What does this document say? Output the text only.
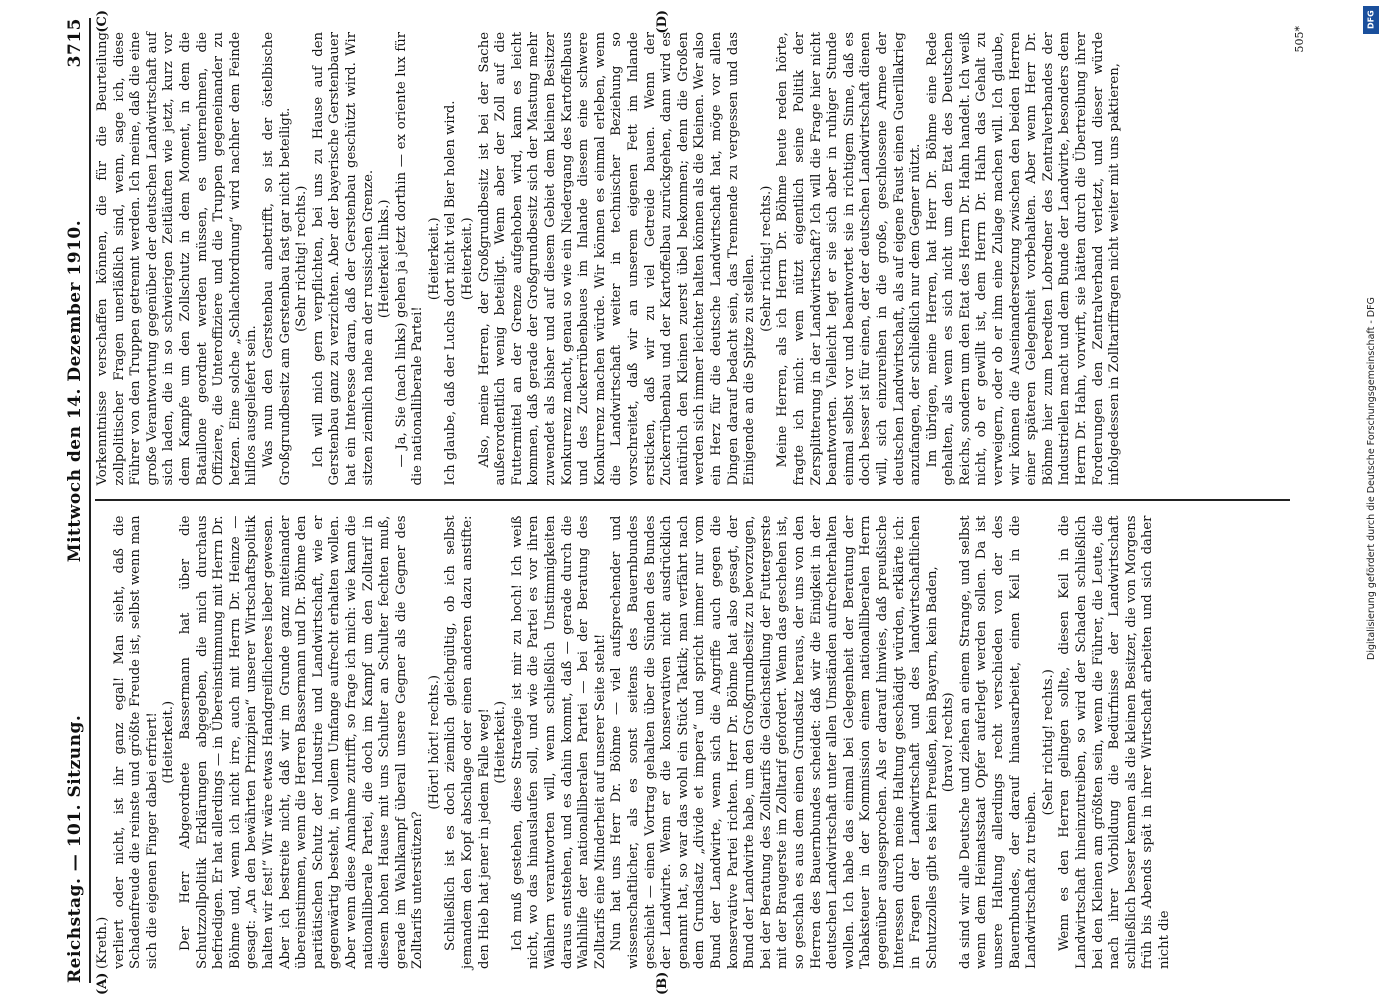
Reichstag. — 101. Sitzung.
Mittwoch den 14. Dezember 1910.
3715
(A)	(B)

(Kreth.) verliert oder nicht, ist ihr ganz egal! Man sieht, daß die Schadenfreude die reinste und größte Freude ist, selbst wenn man sich die eigenen Finger dabei erfriert! (Heiterkeit.) Der Herr Abgeordnete Bassermann hat über die Schutzzollpolitik Erklärungen abgegeben, die mich durchaus befriedigen. Er hat allerdings — in Übereinstimmung mit Herrn Dr. Böhme und, wenn ich nicht irre, auch mit Herrn Dr. Heinze — gesagt: „An den bewährten Prinzipien“ unserer Wirtschaftspolitik halten wir fest!“ Wir wäre etwas Handgreiflicheres lieber gewesen. Aber ich bestreite nicht, daß wir im Grunde ganz miteinander übereinstimmen, wenn die Herren Bassermann und Dr. Böhme den paritätischen Schutz der Industrie und Landwirtschaft, wie er gegenwärtig besteht, in vollem Umfange aufrecht erhalten wollen. Aber wenn diese Annahme zutrifft, so frage ich mich: wie kann die nationalliberale Partei, die doch im Kampf um den Zolltarif in diesem hohen Hause mit uns Schulter an Schulter fechten muß, gerade im Wahlkampf überall unsere Gegner als die Gegner des Zolltarifs unterstützen?

(Hört! hört! rechts.) Schließlich ist es doch ziemlich gleichgültig, ob ich selbst jemandem den Kopf abschlage oder einen anderen dazu anstifte: den Hieb hat jener in jedem Falle weg! (Heiterkeit.) Ich muß gestehen, diese Strategie ist mir zu hoch! Ich weiß nicht, wo das hinauslaufen soll, und wie die Partei es vor ihren Wählern verantworten will, wenn schließlich Unstimmigkeiten daraus entstehen, und es dahin kommt, daß — gerade durch die Wahlhilfe der nationalliberalen Partei — bei der Beratung des Zolltarifs eine Minderheit auf unserer Seite steht! Nun hat uns Herr Dr. Böhme — viel aufsprechender und wissenschaftlicher, als es sonst seitens des Bauernbundes geschieht — einen Vortrag gehalten über die Sünden des Bundes der Landwirte. Wenn er die konservativen nicht ausdrücklich genannt hat, so war das wohl ein Stück Taktik; man verfährt nach dem Grundsatz „divide et impera“ und spricht immer nur vom Bund der Landwirte, wenn sich die Angriffe auch gegen die konservative Partei richten. Herr Dr. Böhme hat also gesagt, der Bund der Landwirte habe, um den Großgrundbesitz zu bevorzugen, bei der Beratung des Zolltarifs die Gleichstellung der Futtergerste mit der Braugerste im Zolltarif gefordert. Wenn das geschehen ist, so geschah es aus dem einen Grundsatz heraus, der uns von den Herren des Bauernbundes scheidet: daß wir die Einigkeit in der deutschen Landwirtschaft unter allen Umständen aufrechterhalten wollen. Ich habe das einmal bei Gelegenheit der Beratung der Tabaksteuer in der Kommission einem nationalliberalen Herrn gegenüber ausgesprochen. Als er darauf hinwies, daß preußische Interessen durch meine Haltung geschädigt würden, erklärte ich: in Fragen der Landwirtschaft und des landwirtschaftlichen Schutzzolles gibt es kein Preußen, kein Bayern, kein Baden, (bravo! rechts) da sind wir alle Deutsche und ziehen an einem Strange, und selbst wenn dem Heimatsstaat Opfer auferlegt werden sollen. Da ist unsere Haltung allerdings recht verschieden von der des Bauernbundes, der darauf hinausarbeitet, einen Keil in die Landwirtschaft zu treiben.

(Sehr richtig! rechts.) Wenn es den Herren gelingen sollte, diesen Keil in die Landwirtschaft hineinzutreiben, so wird der Schaden schließlich bei den Kleinen am größten sein, wenn die Führer, die Leute, die nach ihrer Vorbildung die Bedürfnisse der Landwirtschaft schließlich besser kennen als die kleinen Besitzer, die von Morgens früh bis Abends spät in ihrer Wirtschaft arbeiten und sich daher nicht die

(C)	(D)

Vorkenntnisse verschaffen können, die für die Beurteilung zollpolitischer Fragen unerläßlich sind, wenn, sage ich, diese Führer von den Truppen getrennt werden. Ich meine, daß die eine große Verantwortung gegenüber der deutschen Landwirtschaft auf sich laden, die in so schwierigen Zeitläuften wie jetzt, kurz vor dem Kampfe um den Zollschutz in dem Moment, in dem die Bataillone geordnet werden müssen, es unternehmen, die Offiziere, die Unteroffiziere und die Truppen gegeneinander zu hetzen. Eine solche „Schlachtordnung“ wird nachher dem Feinde hilflos ausgeliefert sein. Was nun den Gerstenbau anbetrifft, so ist der östelbische Großgrundbesitz am Gerstenbau fast gar nicht beteiligt. (Sehr richtig! rechts.) Ich will mich gern verpflichten, bei uns zu Hause auf den Gerstenbau ganz zu verzichten. Aber der bayerische Gerstenbauer hat ein Interesse daran, daß der Gerstenbau geschützt wird. Wir sitzen ziemlich nahe an der russischen Grenze. (Heiterkeit links.) — Ja, Sie (nach links) gehen ja jetzt dorthin — ex oriente lux für die nationalliberale Partei!

(Heiterkeit.) Ich glaube, daß der Luchs dort nicht viel Bier holen wird. (Heiterkeit.) Also, meine Herren, der Großgrundbesitz ist bei der Sache außerordentlich wenig beteiligt. Wenn aber der Zoll auf die Futtermittel an der Grenze aufgehoben wird, kann es leicht kommen, daß gerade der Großgrundbesitz sich der Mastung mehr zuwendet als bisher und auf diesem Gebiet dem kleinen Besitzer Konkurrenz macht, genau so wie ein Niedergang des Kartoffelbaus und des Zuckerrübenbaues im Inlande diesem eine schwere Konkurrenz machen würde. Wir können es einmal erleben, wenn die Landwirtschaft weiter in technischer Beziehung so vorschreitet, daß wir an unserem eigenen Fett im Inlande ersticken, daß wir zu viel Getreide bauen. Wenn der Zuckerrübenbau und der Kartoffelbau zurückgehen, dann wird es natürlich den Kleinen zuerst übel bekommen; denn die Großen werden sich immer leichter halten können als die Kleinen. Wer also ein Herz für die deutsche Landwirtschaft hat, möge vor allen Dingen darauf bedacht sein, das Trennende zu vergessen und das Einigende an die Spitze zu stellen. (Sehr richtig! rechts.) Meine Herren, als ich Herrn Dr. Böhme heute reden hörte, fragte ich mich: wem nützt eigentlich seine Politik der Zersplitterung in der Landwirtschaft? Ich will die Frage hier nicht beantworten. Vielleicht legt er sie sich aber in ruhiger Stunde einmal selbst vor und beantwortet sie in richtigem Sinne, daß es doch besser ist für einen, der der deutschen Landwirtschaft dienen will, sich einzureihen in die große, geschlossene Armee der deutschen Landwirtschaft, als auf eigene Faust einen Guerillakrieg anzufangen, der schließlich nur dem Gegner nützt. Im übrigen, meine Herren, hat Herr Dr. Böhme eine Rede gehalten, als wenn es sich nicht um den Etat des Deutschen Reichs, sondern um den Etat des Herrn Dr. Hahn handelt. Ich weiß nicht, ob er gewillt ist, dem Herrn Dr. Hahn das Gehalt zu verweigern, oder ob er ihm eine Zulage machen will. Ich glaube, wir können die Auseinandersetzung zwischen den beiden Herren einer späteren Gelegenheit vorbehalten. Aber wenn Herr Dr. Böhme hier zum beredten Lobredner des Zentralverbandes der Industriellen macht und dem Bunde der Landwirte, besonders dem Herrn Dr. Hahn, vorwirft, sie hätten durch die Übertreibung ihrer Forderungen den Zentralverband verletzt, und dieser würde infolgedessen in Zolltariffragen nicht weiter mit uns paktieren,

505*
DFG
Digitalisierung gefördert durch die Deutsche Forschungsgemeinschaft - DFG
